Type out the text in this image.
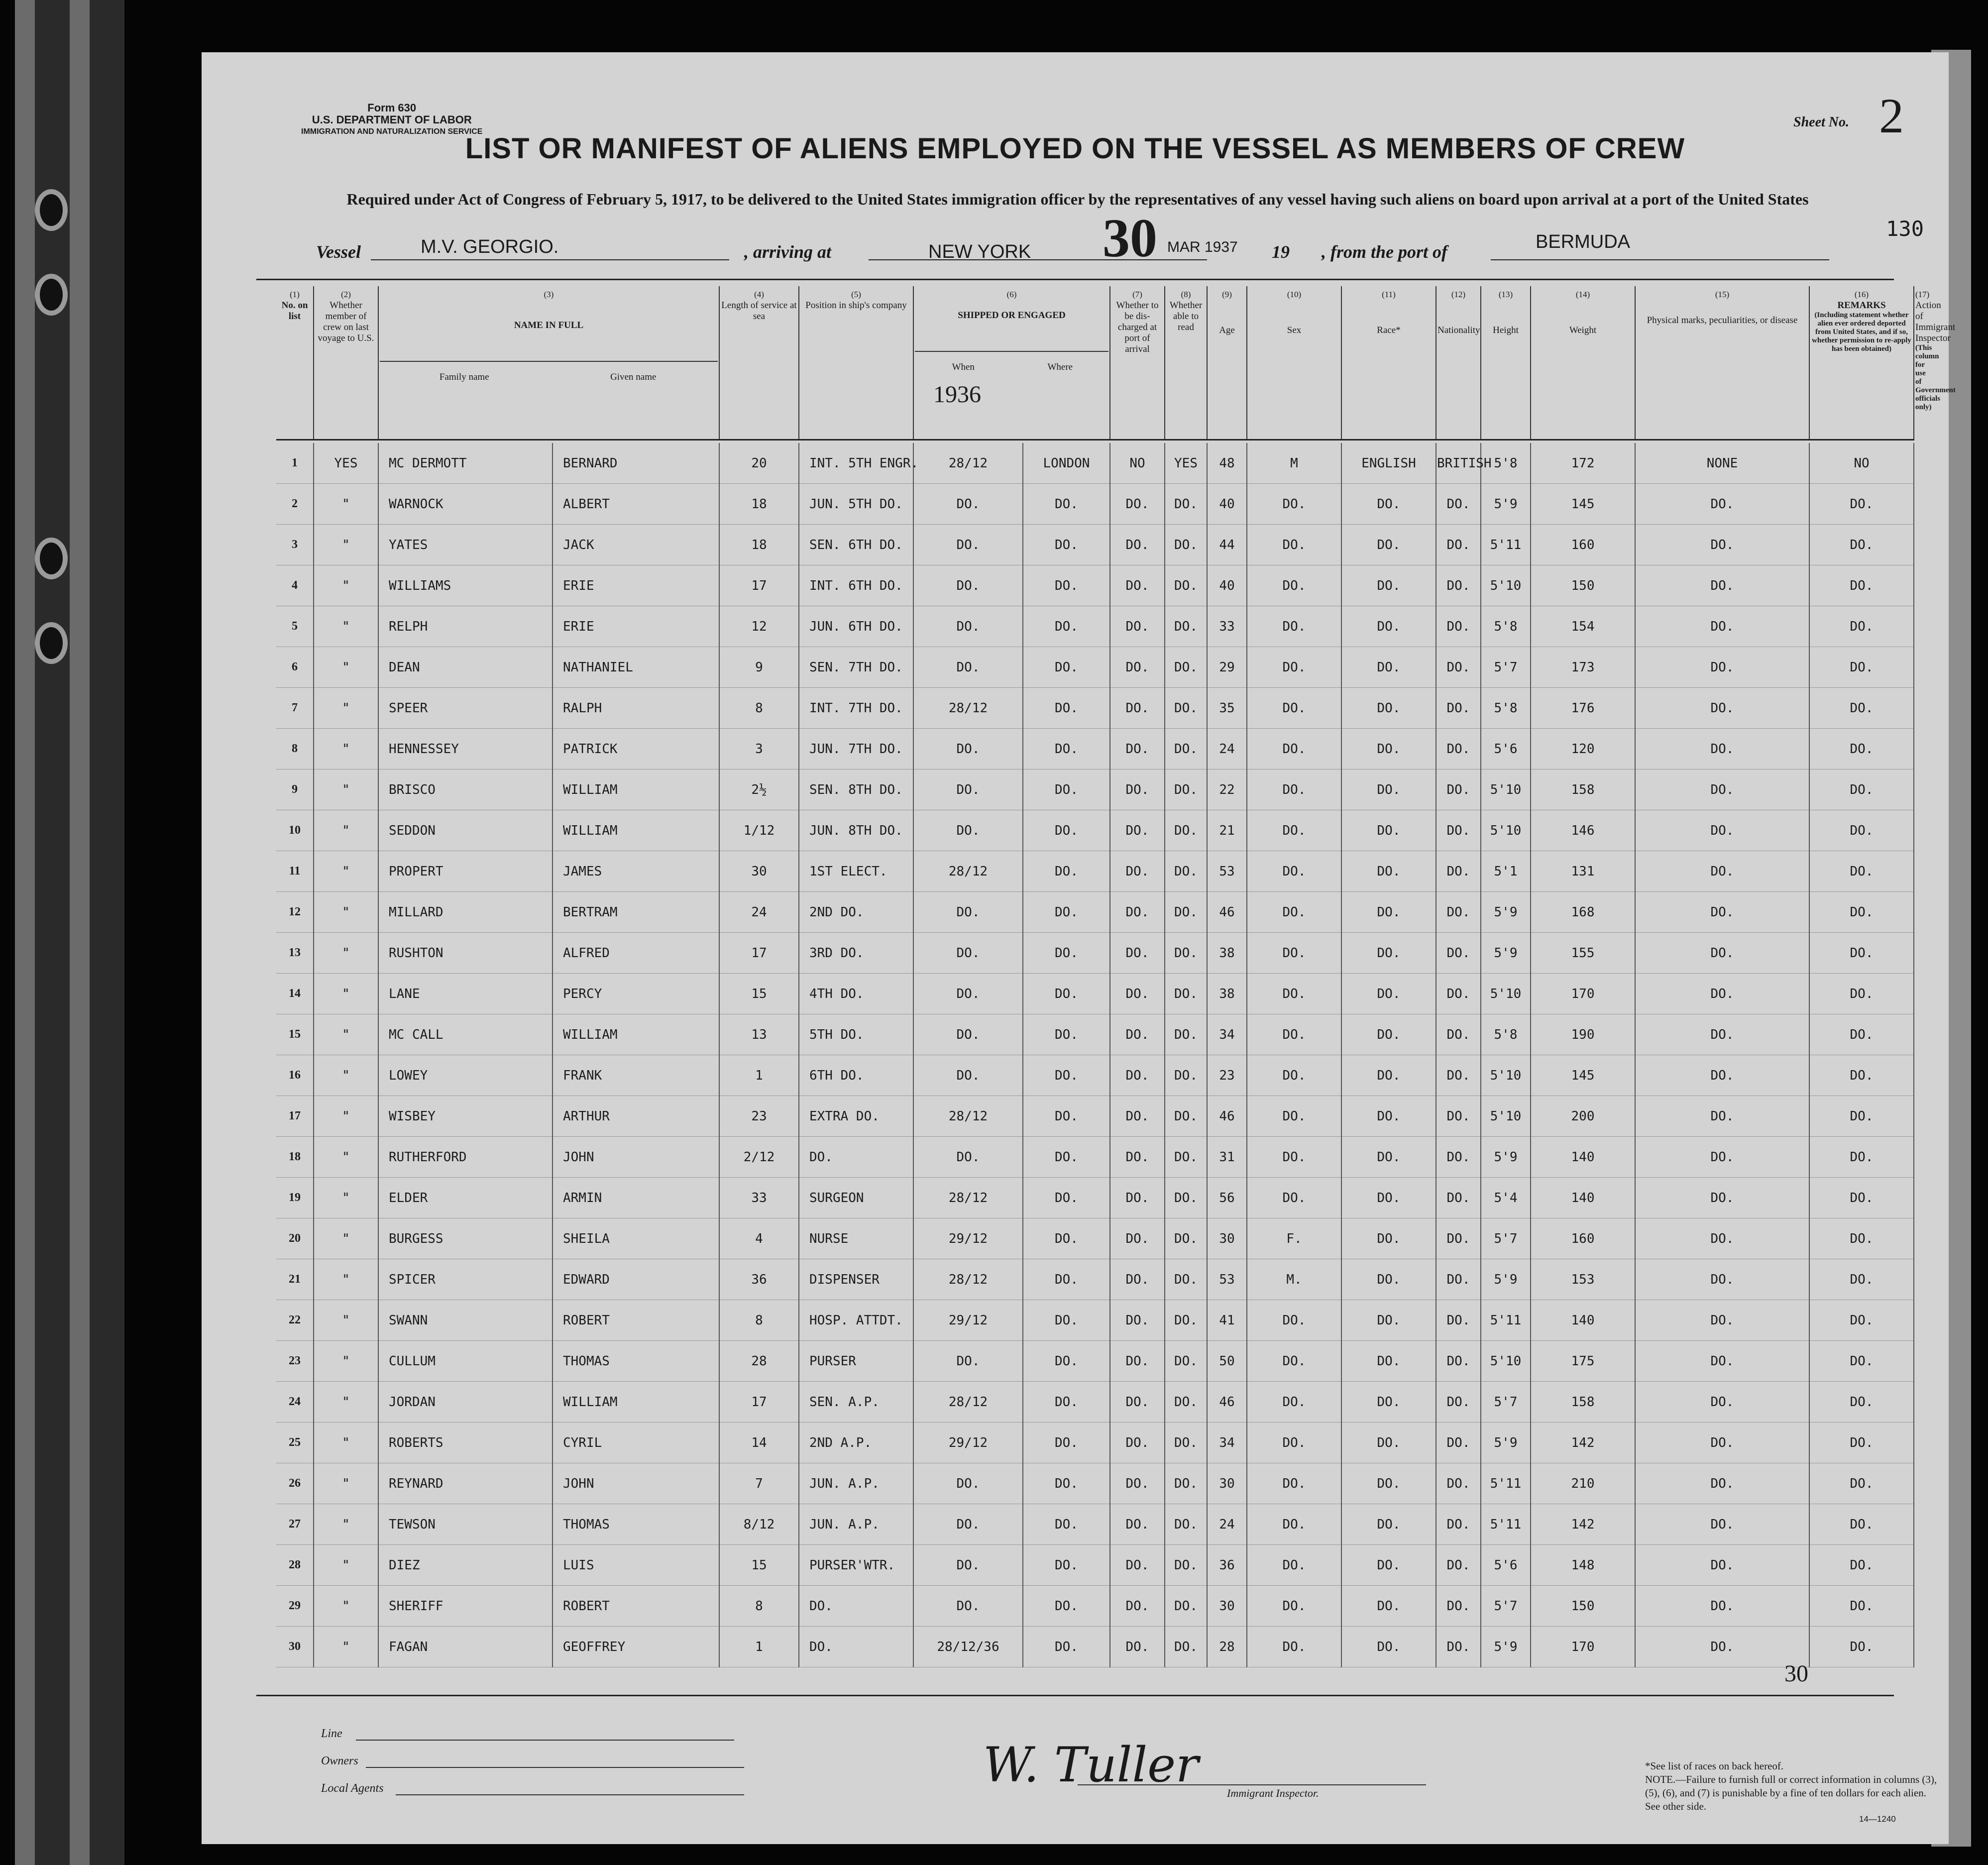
Form 630
U.S. DEPARTMENT OF LABOR
IMMIGRATION AND NATURALIZATION SERVICE
Sheet No. 2
LIST OR MANIFEST OF ALIENS EMPLOYED ON THE VESSEL AS MEMBERS OF CREW
Required under Act of Congress of February 5, 1917, to be delivered to the United States immigration officer by the representatives of any vessel having such aliens on board upon arrival at a port of the United States
130
Vessel	M.V. GEORGIO.	, arriving at	NEW YORK 30 MAR 1937 19 , from the port of	BERMUDA
1936
(1)
No. on list

(2)
Whether member of crew on last voyage to U.S.

(3)
NAME IN FULL
Family name	Given name

(4)
Length of service at sea

(5)
Position in ship's company

(6)
SHIPPED OR ENGAGED
When	Where

(7)
Whether to be dis-charged at port of arrival

(8)
Whether able to read

(9)
Age

(10)
Sex

(11)
Race*

(12)
Nationality

(13)
Height

(14)
Weight

(15)
Physical marks, peculiarities, or disease

(16)
REMARKS
(Including statement whether alien ever ordered deported from United States, and if so, whether permission to re-apply has been obtained)

(17)
Action of Immigrant Inspector
(This column for use of Government officials only)
1	YES	MC DERMOTT	BERNARD	20	INT. 5TH ENGR.	28/12	LONDON	NO	YES	48	M	ENGLISH	BRITISH	5'8	172	NONE	NO	
2	"	WARNOCK	ALBERT	18	JUN. 5TH DO.	DO.	DO.	DO.	DO.	40	DO.	DO.	DO.	5'9	145	DO.	DO.	
3	"	YATES	JACK	18	SEN. 6TH DO.	DO.	DO.	DO.	DO.	44	DO.	DO.	DO.	5'11	160	DO.	DO.	
4	"	WILLIAMS	ERIE	17	INT. 6TH DO.	DO.	DO.	DO.	DO.	40	DO.	DO.	DO.	5'10	150	DO.	DO.	
5	"	RELPH	ERIE	12	JUN. 6TH DO.	DO.	DO.	DO.	DO.	33	DO.	DO.	DO.	5'8	154	DO.	DO.	
6	"	DEAN	NATHANIEL	9	SEN. 7TH DO.	DO.	DO.	DO.	DO.	29	DO.	DO.	DO.	5'7	173	DO.	DO.	
7	"	SPEER	RALPH	8	INT. 7TH DO.	28/12	DO.	DO.	DO.	35	DO.	DO.	DO.	5'8	176	DO.	DO.	
8	"	HENNESSEY	PATRICK	3	JUN. 7TH DO.	DO.	DO.	DO.	DO.	24	DO.	DO.	DO.	5'6	120	DO.	DO.	
9	"	BRISCO	WILLIAM	2½	SEN. 8TH DO.	DO.	DO.	DO.	DO.	22	DO.	DO.	DO.	5'10	158	DO.	DO.	
10	"	SEDDON	WILLIAM	1/12	JUN. 8TH DO.	DO.	DO.	DO.	DO.	21	DO.	DO.	DO.	5'10	146	DO.	DO.	
11	"	PROPERT	JAMES	30	1ST ELECT.	28/12	DO.	DO.	DO.	53	DO.	DO.	DO.	5'1	131	DO.	DO.	
12	"	MILLARD	BERTRAM	24	2ND DO.	DO.	DO.	DO.	DO.	46	DO.	DO.	DO.	5'9	168	DO.	DO.	
13	"	RUSHTON	ALFRED	17	3RD DO.	DO.	DO.	DO.	DO.	38	DO.	DO.	DO.	5'9	155	DO.	DO.	
14	"	LANE	PERCY	15	4TH DO.	DO.	DO.	DO.	DO.	38	DO.	DO.	DO.	5'10	170	DO.	DO.	
15	"	MC CALL	WILLIAM	13	5TH DO.	DO.	DO.	DO.	DO.	34	DO.	DO.	DO.	5'8	190	DO.	DO.	
16	"	LOWEY	FRANK	1	6TH DO.	DO.	DO.	DO.	DO.	23	DO.	DO.	DO.	5'10	145	DO.	DO.	
17	"	WISBEY	ARTHUR	23	EXTRA DO.	28/12	DO.	DO.	DO.	46	DO.	DO.	DO.	5'10	200	DO.	DO.	
18	"	RUTHERFORD	JOHN	2/12	DO.	DO.	DO.	DO.	DO.	31	DO.	DO.	DO.	5'9	140	DO.	DO.	
19	"	ELDER	ARMIN	33	SURGEON	28/12	DO.	DO.	DO.	56	DO.	DO.	DO.	5'4	140	DO.	DO.	
20	"	BURGESS	SHEILA	4	NURSE	29/12	DO.	DO.	DO.	30	F.	DO.	DO.	5'7	160	DO.	DO.	
21	"	SPICER	EDWARD	36	DISPENSER	28/12	DO.	DO.	DO.	53	M.	DO.	DO.	5'9	153	DO.	DO.	
22	"	SWANN	ROBERT	8	HOSP. ATTDT.	29/12	DO.	DO.	DO.	41	DO.	DO.	DO.	5'11	140	DO.	DO.	
23	"	CULLUM	THOMAS	28	PURSER	DO.	DO.	DO.	DO.	50	DO.	DO.	DO.	5'10	175	DO.	DO.	
24	"	JORDAN	WILLIAM	17	SEN. A.P.	28/12	DO.	DO.	DO.	46	DO.	DO.	DO.	5'7	158	DO.	DO.	
25	"	ROBERTS	CYRIL	14	2ND A.P.	29/12	DO.	DO.	DO.	34	DO.	DO.	DO.	5'9	142	DO.	DO.	
26	"	REYNARD	JOHN	7	JUN. A.P.	DO.	DO.	DO.	DO.	30	DO.	DO.	DO.	5'11	210	DO.	DO.	
27	"	TEWSON	THOMAS	8/12	JUN. A.P.	DO.	DO.	DO.	DO.	24	DO.	DO.	DO.	5'11	142	DO.	DO.	
28	"	DIEZ	LUIS	15	PURSER'WTR.	DO.	DO.	DO.	DO.	36	DO.	DO.	DO.	5'6	148	DO.	DO.	
29	"	SHERIFF	ROBERT	8	DO.	DO.	DO.	DO.	DO.	30	DO.	DO.	DO.	5'7	150	DO.	DO.	
30	"	FAGAN	GEOFFREY	1	DO.	28/12/36	DO.	DO.	DO.	28	DO.	DO.	DO.	5'9	170	DO.	DO.	
Line
Owners
Local Agents	W. Tuller
Immigrant Inspector.
30
*See list of races on back hereof.
NOTE.—Failure to furnish full or correct information in columns (3), (5), (6), and (7) is punishable by a fine of ten dollars for each alien. See other side.
14—1240
